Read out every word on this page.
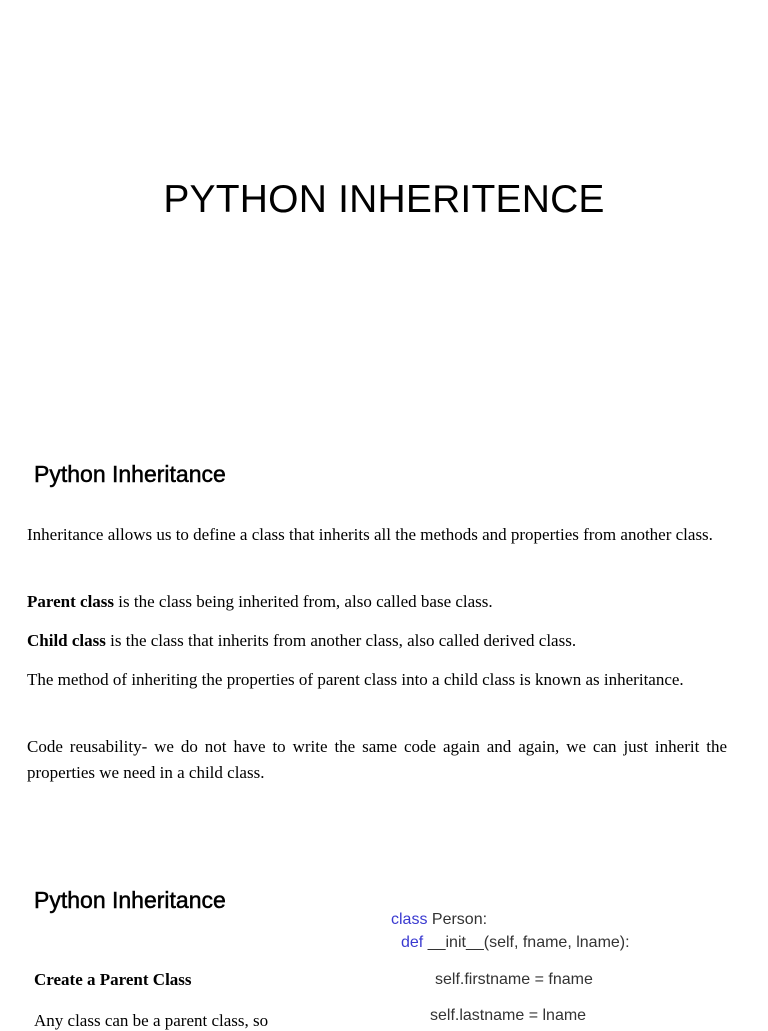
PYTHON INHERITENCE
Python Inheritance
Inheritance allows us to define a class that inherits all the methods and properties from another class.
Parent class is the class being inherited from, also called base class.
Child class is the class that inherits from another class, also called derived class.
The method of inheriting the properties of parent class into a child class is known as inheritance.
Code reusability- we do not have to write the same code again and again, we can just inherit the properties we need in a child class.
Python Inheritance
Create a Parent Class
Any class can be a parent class, so
class Person:
def __init__(self, fname, lname):
self.firstname = fname
self.lastname = lname
